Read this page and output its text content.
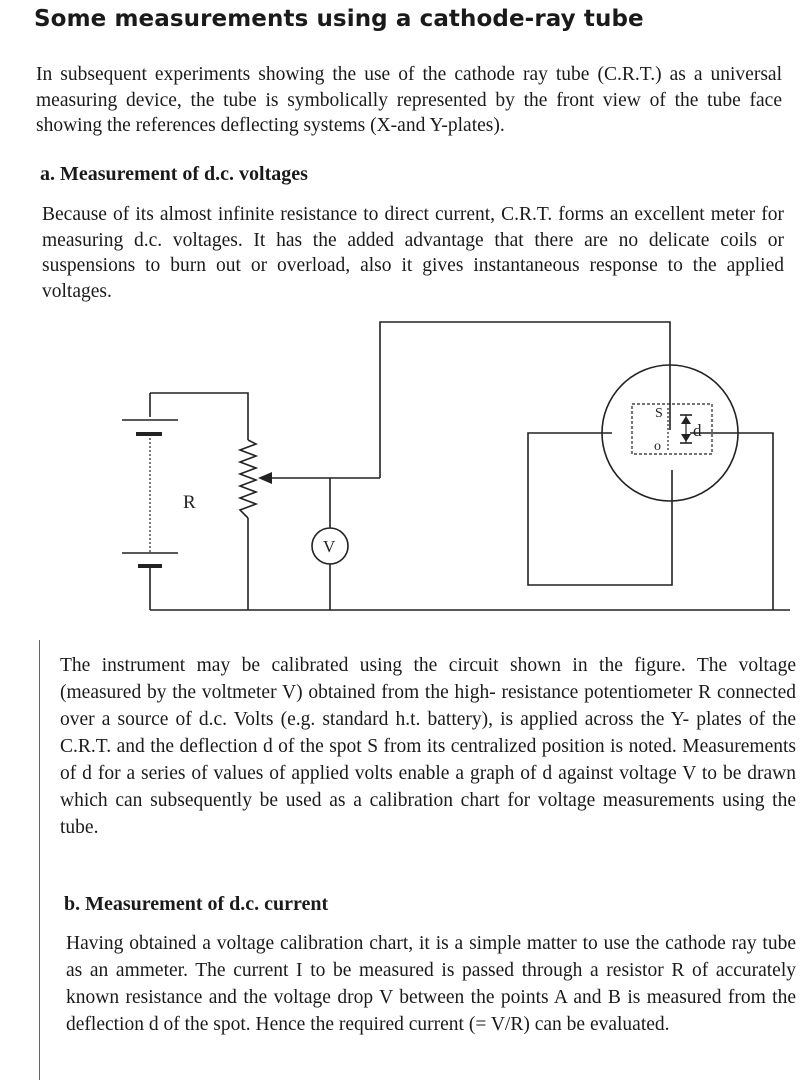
Some measurements using a cathode-ray tube

In subsequent experiments showing the use of the cathode ray tube (C.R.T.) as a universal measuring device, the tube is symbolically represented by the front view of the tube face showing the references deflecting systems (X-and Y-plates).

a. Measurement of d.c. voltages

Because of its almost infinite resistance to direct current, C.R.T. forms an excellent meter for measuring d.c. voltages. It has the added advantage that there are no delicate coils or suspensions to burn out or overload, also it gives instantaneous response to the applied voltages.

R
V
S
o
d

The instrument may be calibrated using the circuit shown in the figure. The voltage (measured by the voltmeter V) obtained from the high- resistance potentiometer R connected over a source of d.c. Volts (e.g. standard h.t. battery), is applied across the Y- plates of the C.R.T. and the deflection d of the spot S from its centralized position is noted. Measurements of d for a series of values of applied volts enable a graph of d against voltage V to be drawn which can subsequently be used as a calibration chart for voltage measurements using the tube.

b. Measurement of d.c. current

Having obtained a voltage calibration chart, it is a simple matter to use the cathode ray tube as an ammeter. The current I to be measured is passed through a resistor R of accurately known resistance and the voltage drop V between the points A and B is measured from the deflection d of the spot. Hence the required current (= V/R) can be evaluated.
